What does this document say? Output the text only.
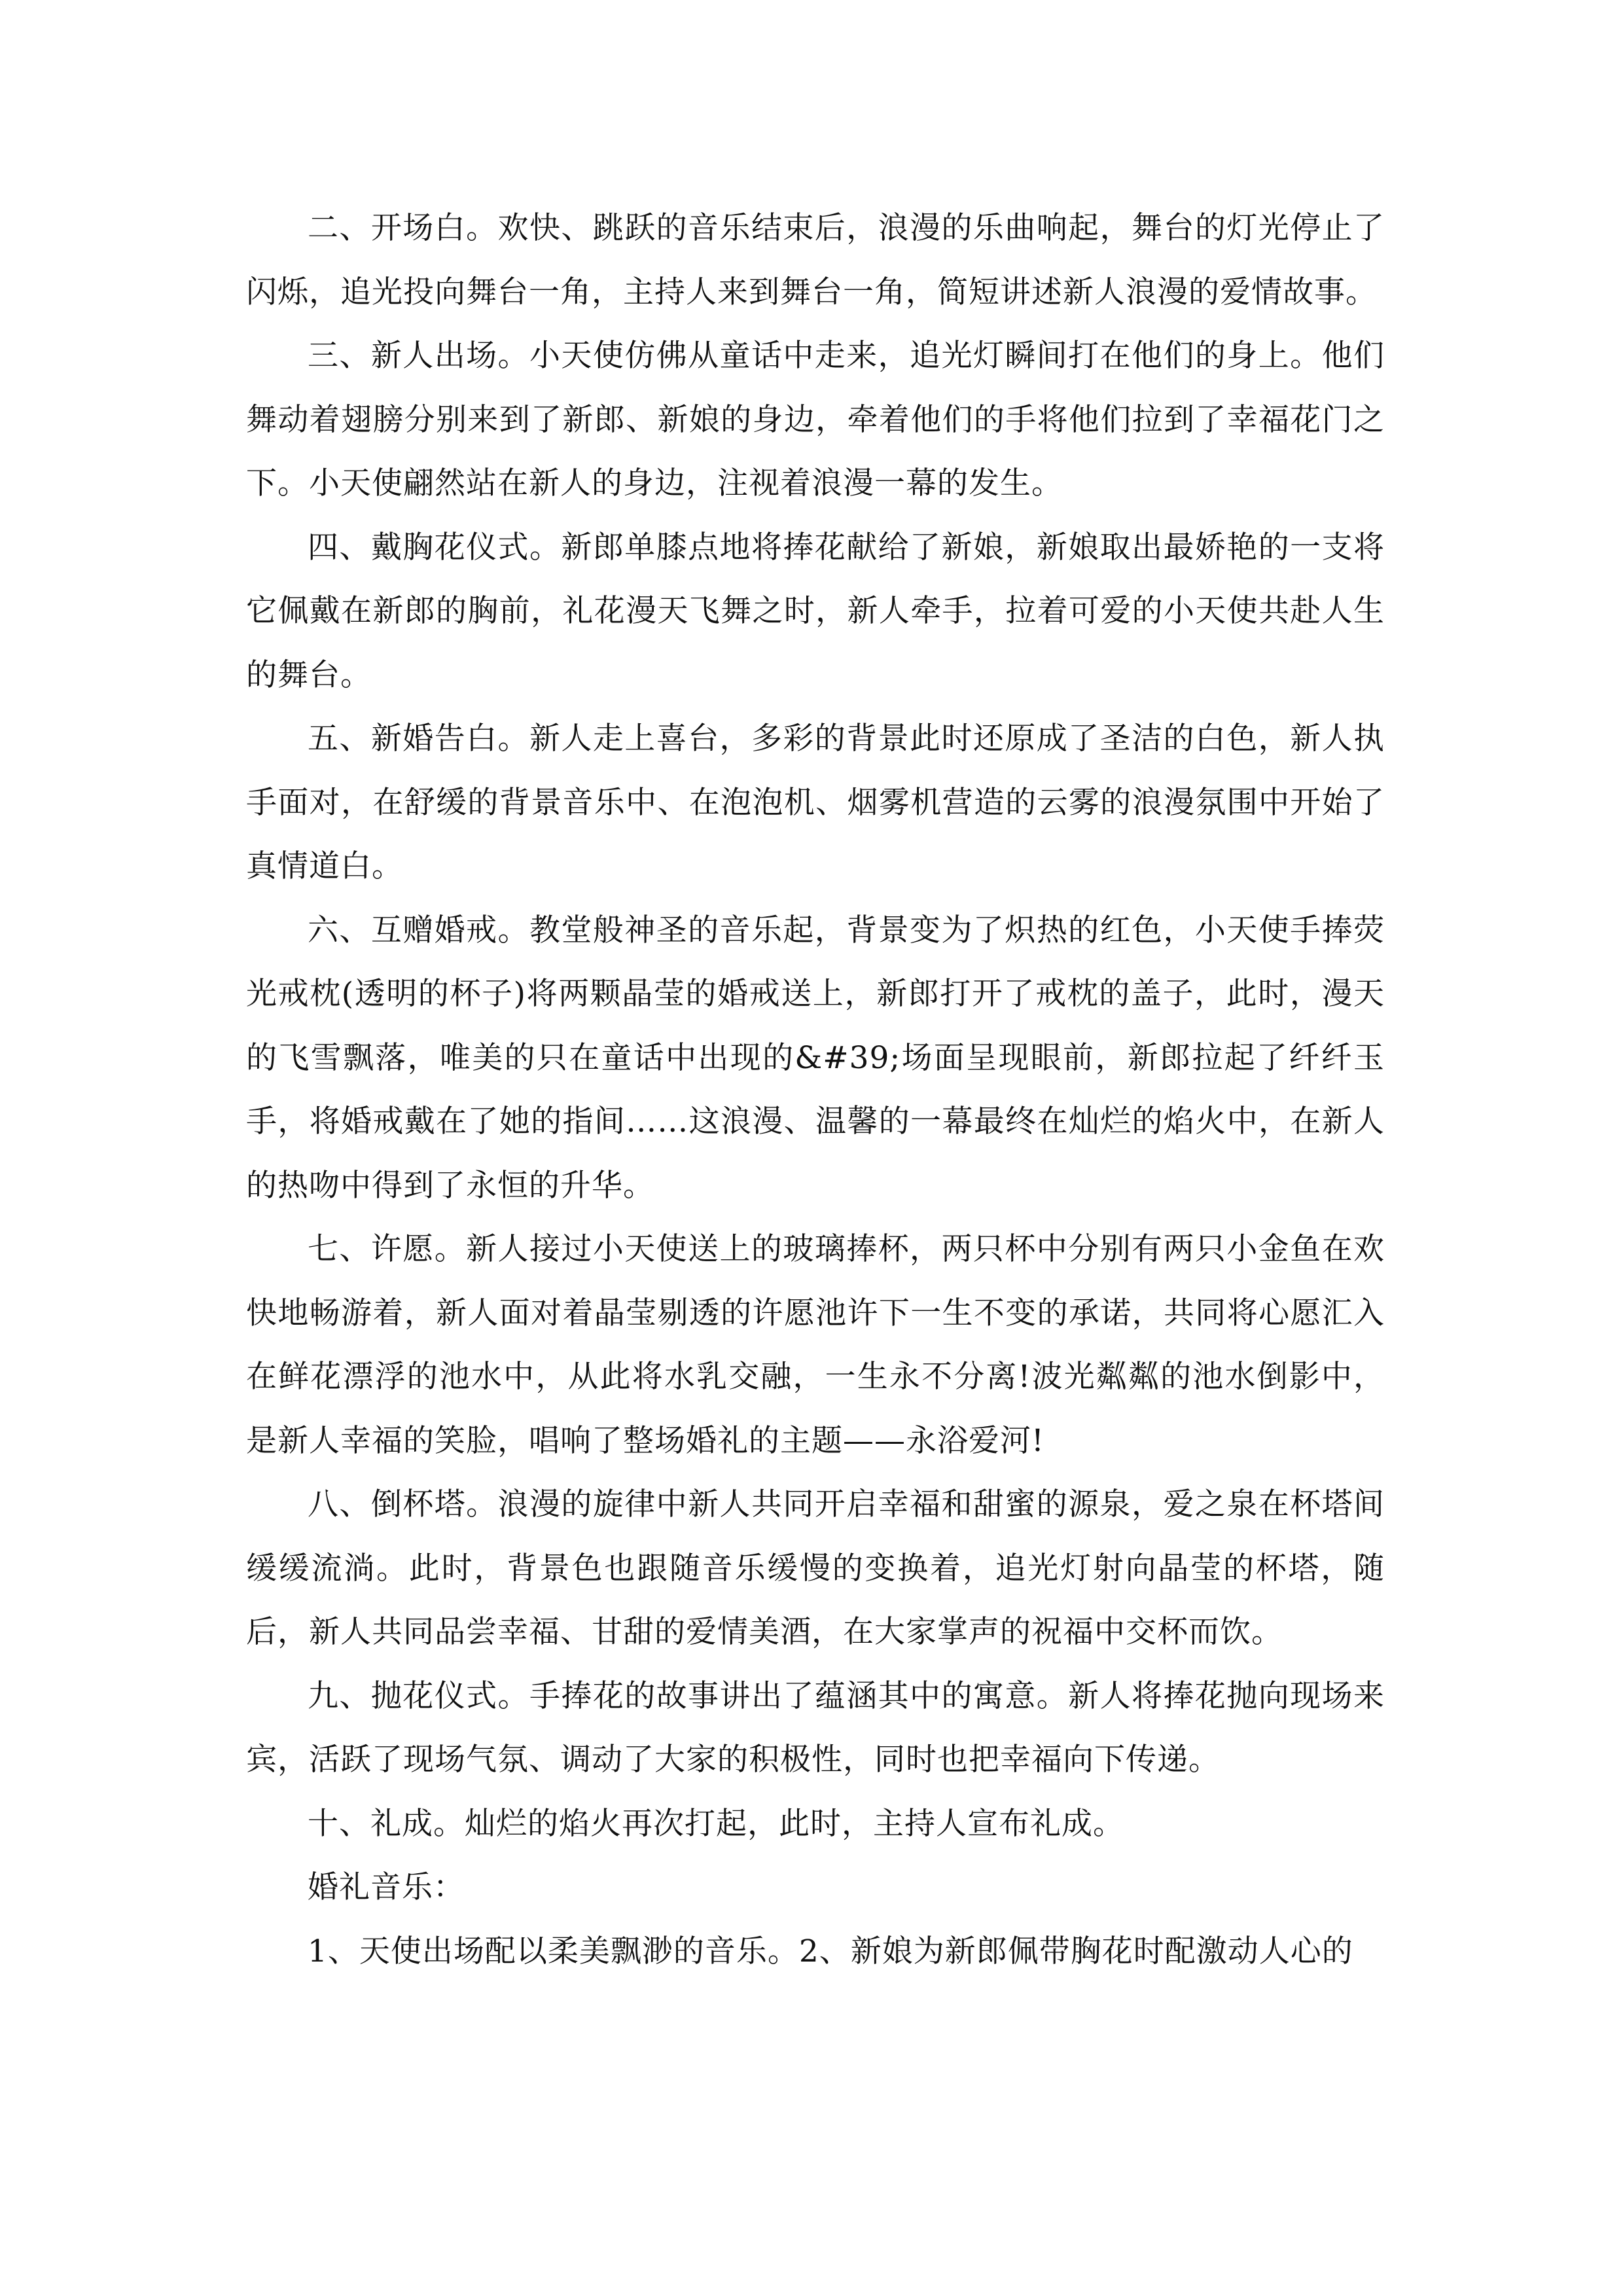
二、开场白。欢快、跳跃的音乐结束后，浪漫的乐曲响起，舞台的灯光停止了闪烁，追光投向舞台一角，主持人来到舞台一角，简短讲述新人浪漫的爱情故事。

三、新人出场。小天使仿佛从童话中走来，追光灯瞬间打在他们的身上。他们舞动着翅膀分别来到了新郎、新娘的身边，牵着他们的手将他们拉到了幸福花门之下。小天使翩然站在新人的身边，注视着浪漫一幕的发生。

四、戴胸花仪式。新郎单膝点地将捧花献给了新娘，新娘取出最娇艳的一支将它佩戴在新郎的胸前，礼花漫天飞舞之时，新人牵手，拉着可爱的小天使共赴人生的舞台。

五、新婚告白。新人走上喜台，多彩的背景此时还原成了圣洁的白色，新人执手面对，在舒缓的背景音乐中、在泡泡机、烟雾机营造的云雾的浪漫氛围中开始了真情道白。

六、互赠婚戒。教堂般神圣的音乐起，背景变为了炽热的红色，小天使手捧荧光戒枕(透明的杯子)将两颗晶莹的婚戒送上，新郎打开了戒枕的盖子，此时，漫天的飞雪飘落，唯美的只在童话中出现的&#39;场面呈现眼前，新郎拉起了纤纤玉手，将婚戒戴在了她的指间……这浪漫、温馨的一幕最终在灿烂的焰火中，在新人的热吻中得到了永恒的升华。

七、许愿。新人接过小天使送上的玻璃捧杯，两只杯中分别有两只小金鱼在欢快地畅游着，新人面对着晶莹剔透的许愿池许下一生不变的承诺，共同将心愿汇入在鲜花漂浮的池水中，从此将水乳交融，一生永不分离!波光粼粼的池水倒影中，是新人幸福的笑脸，唱响了整场婚礼的主题——永浴爱河!

八、倒杯塔。浪漫的旋律中新人共同开启幸福和甜蜜的源泉，爱之泉在杯塔间缓缓流淌。此时，背景色也跟随音乐缓慢的变换着，追光灯射向晶莹的杯塔，随后，新人共同品尝幸福、甘甜的爱情美酒，在大家掌声的祝福中交杯而饮。

九、抛花仪式。手捧花的故事讲出了蕴涵其中的寓意。新人将捧花抛向现场来宾，活跃了现场气氛、调动了大家的积极性，同时也把幸福向下传递。

十、礼成。灿烂的焰火再次打起，此时，主持人宣布礼成。

婚礼音乐：

1、天使出场配以柔美飘渺的音乐。2、新娘为新郎佩带胸花时配激动人心的
